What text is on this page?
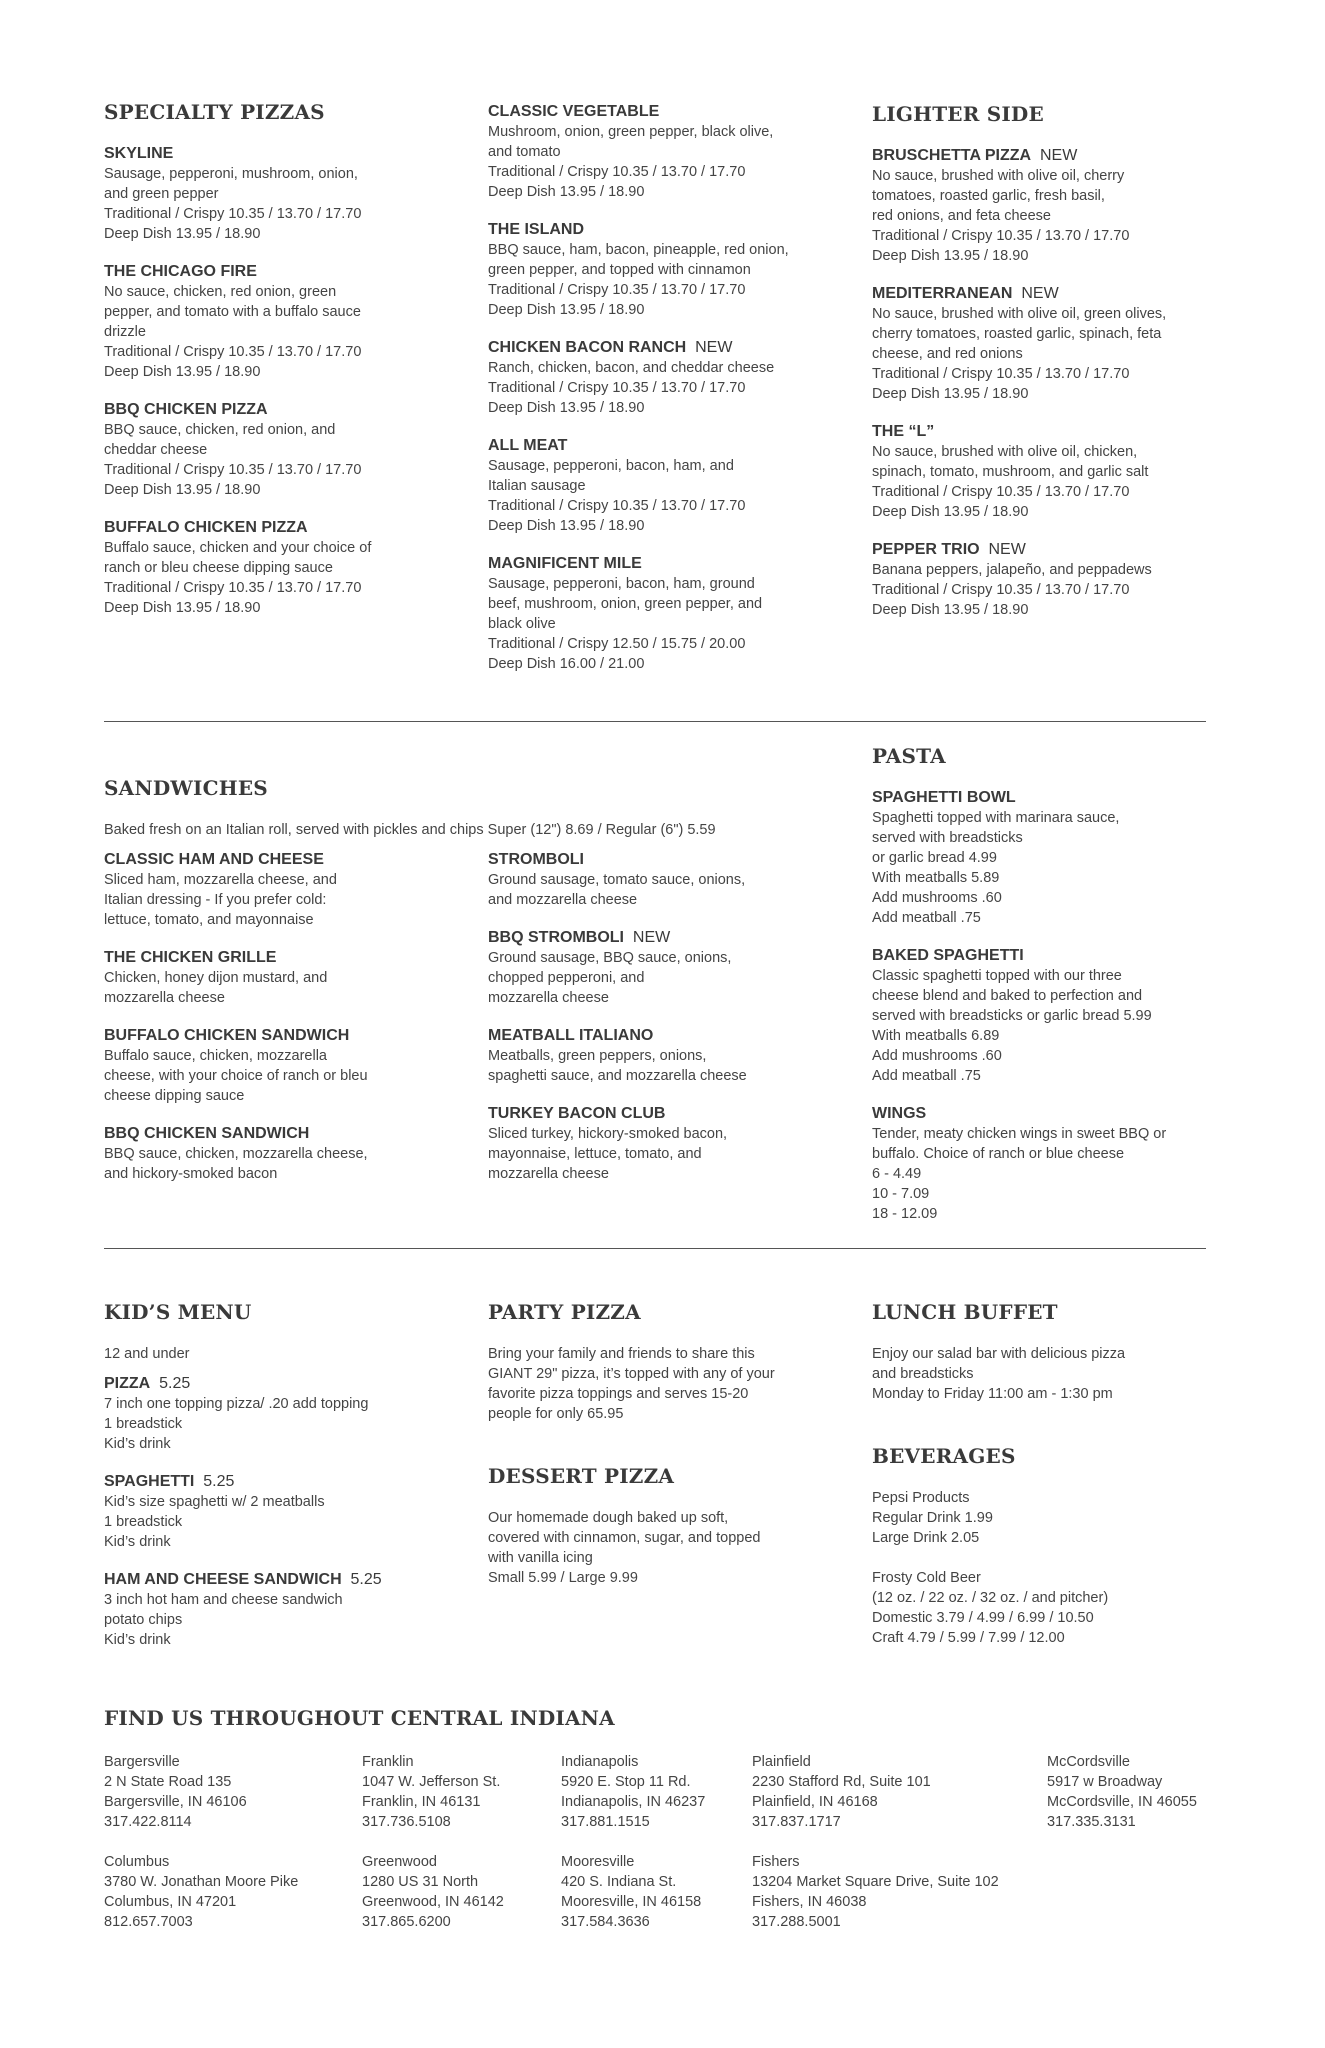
SPECIALTY PIZZAS
SKYLINE
Sausage, pepperoni, mushroom, onion,
and green pepper
Traditional / Crispy 10.35 / 13.70 / 17.70
Deep Dish 13.95 / 18.90
THE CHICAGO FIRE
No sauce, chicken, red onion, green
pepper, and tomato with a buffalo sauce
drizzle
Traditional / Crispy 10.35 / 13.70 / 17.70
Deep Dish 13.95 / 18.90
BBQ CHICKEN PIZZA
BBQ sauce, chicken, red onion, and
cheddar cheese
Traditional / Crispy 10.35 / 13.70 / 17.70
Deep Dish 13.95 / 18.90
BUFFALO CHICKEN PIZZA
Buffalo sauce, chicken and your choice of
ranch or bleu cheese dipping sauce
Traditional / Crispy 10.35 / 13.70 / 17.70
Deep Dish 13.95 / 18.90
CLASSIC VEGETABLE
Mushroom, onion, green pepper, black olive,
and tomato
Traditional / Crispy 10.35 / 13.70 / 17.70
Deep Dish 13.95 / 18.90
THE ISLAND
BBQ sauce, ham, bacon, pineapple, red onion,
green pepper, and topped with cinnamon
Traditional / Crispy 10.35 / 13.70 / 17.70
Deep Dish 13.95 / 18.90
CHICKEN BACON RANCH NEW
Ranch, chicken, bacon, and cheddar cheese
Traditional / Crispy 10.35 / 13.70 / 17.70
Deep Dish 13.95 / 18.90
ALL MEAT
Sausage, pepperoni, bacon, ham, and
Italian sausage
Traditional / Crispy 10.35 / 13.70 / 17.70
Deep Dish 13.95 / 18.90
MAGNIFICENT MILE
Sausage, pepperoni, bacon, ham, ground
beef, mushroom, onion, green pepper, and
black olive
Traditional / Crispy 12.50 / 15.75 / 20.00
Deep Dish 16.00 / 21.00
LIGHTER SIDE
BRUSCHETTA PIZZA NEW
No sauce, brushed with olive oil, cherry
tomatoes, roasted garlic, fresh basil,
red onions, and feta cheese
Traditional / Crispy 10.35 / 13.70 / 17.70
Deep Dish 13.95 / 18.90
MEDITERRANEAN NEW
No sauce, brushed with olive oil, green olives,
cherry tomatoes, roasted garlic, spinach, feta
cheese, and red onions
Traditional / Crispy 10.35 / 13.70 / 17.70
Deep Dish 13.95 / 18.90
THE “L”
No sauce, brushed with olive oil, chicken,
spinach, tomato, mushroom, and garlic salt
Traditional / Crispy 10.35 / 13.70 / 17.70
Deep Dish 13.95 / 18.90
PEPPER TRIO NEW
Banana peppers, jalapeño, and peppadews
Traditional / Crispy 10.35 / 13.70 / 17.70
Deep Dish 13.95 / 18.90
SANDWICHES
Baked fresh on an Italian roll, served with pickles and chips Super (12") 8.69 / Regular (6") 5.59
CLASSIC HAM AND CHEESE
Sliced ham, mozzarella cheese, and
Italian dressing - If you prefer cold:
lettuce, tomato, and mayonnaise
THE CHICKEN GRILLE
Chicken, honey dijon mustard, and
mozzarella cheese
BUFFALO CHICKEN SANDWICH
Buffalo sauce, chicken, mozzarella
cheese, with your choice of ranch or bleu
cheese dipping sauce
BBQ CHICKEN SANDWICH
BBQ sauce, chicken, mozzarella cheese,
and hickory-smoked bacon
STROMBOLI
Ground sausage, tomato sauce, onions,
and mozzarella cheese
BBQ STROMBOLI NEW
Ground sausage, BBQ sauce, onions,
chopped pepperoni, and
mozzarella cheese
MEATBALL ITALIANO
Meatballs, green peppers, onions,
spaghetti sauce, and mozzarella cheese
TURKEY BACON CLUB
Sliced turkey, hickory-smoked bacon,
mayonnaise, lettuce, tomato, and
mozzarella cheese
PASTA
SPAGHETTI BOWL
Spaghetti topped with marinara sauce,
served with breadsticks
or garlic bread 4.99
With meatballs 5.89
Add mushrooms .60
Add meatball .75
BAKED SPAGHETTI
Classic spaghetti topped with our three
cheese blend and baked to perfection and
served with breadsticks or garlic bread 5.99
With meatballs 6.89
Add mushrooms .60
Add meatball .75
WINGS
Tender, meaty chicken wings in sweet BBQ or
buffalo. Choice of ranch or blue cheese
6 - 4.49
10 - 7.09
18 - 12.09
KID’S MENU
12 and under
PIZZA 5.25
7 inch one topping pizza/ .20 add topping
1 breadstick
Kid’s drink
SPAGHETTI 5.25
Kid’s size spaghetti w/ 2 meatballs
1 breadstick
Kid’s drink
HAM AND CHEESE SANDWICH 5.25
3 inch hot ham and cheese sandwich
potato chips
Kid’s drink
PARTY PIZZA
Bring your family and friends to share this
GIANT 29" pizza, it’s topped with any of your
favorite pizza toppings and serves 15-20
people for only 65.95
DESSERT PIZZA
Our homemade dough baked up soft,
covered with cinnamon, sugar, and topped
with vanilla icing
Small 5.99 / Large 9.99
LUNCH BUFFET
Enjoy our salad bar with delicious pizza
and breadsticks
Monday to Friday 11:00 am - 1:30 pm
BEVERAGES
Pepsi Products
Regular Drink 1.99
Large Drink 2.05
Frosty Cold Beer
(12 oz. / 22 oz. / 32 oz. / and pitcher)
Domestic 3.79 / 4.99 / 6.99 / 10.50
Craft 4.79 / 5.99 / 7.99 / 12.00
FIND US THROUGHOUT CENTRAL INDIANA
Bargersville
2 N State Road 135
Bargersville, IN 46106
317.422.8114
Franklin
1047 W. Jefferson St.
Franklin, IN 46131
317.736.5108
Indianapolis
5920 E. Stop 11 Rd.
Indianapolis, IN 46237
317.881.1515
Plainfield
2230 Stafford Rd, Suite 101
Plainfield, IN 46168
317.837.1717
McCordsville
5917 w Broadway
McCordsville, IN 46055
317.335.3131
Columbus
3780 W. Jonathan Moore Pike
Columbus, IN 47201
812.657.7003
Greenwood
1280 US 31 North
Greenwood, IN 46142
317.865.6200
Mooresville
420 S. Indiana St.
Mooresville, IN 46158
317.584.3636
Fishers
13204 Market Square Drive, Suite 102
Fishers, IN 46038
317.288.5001
